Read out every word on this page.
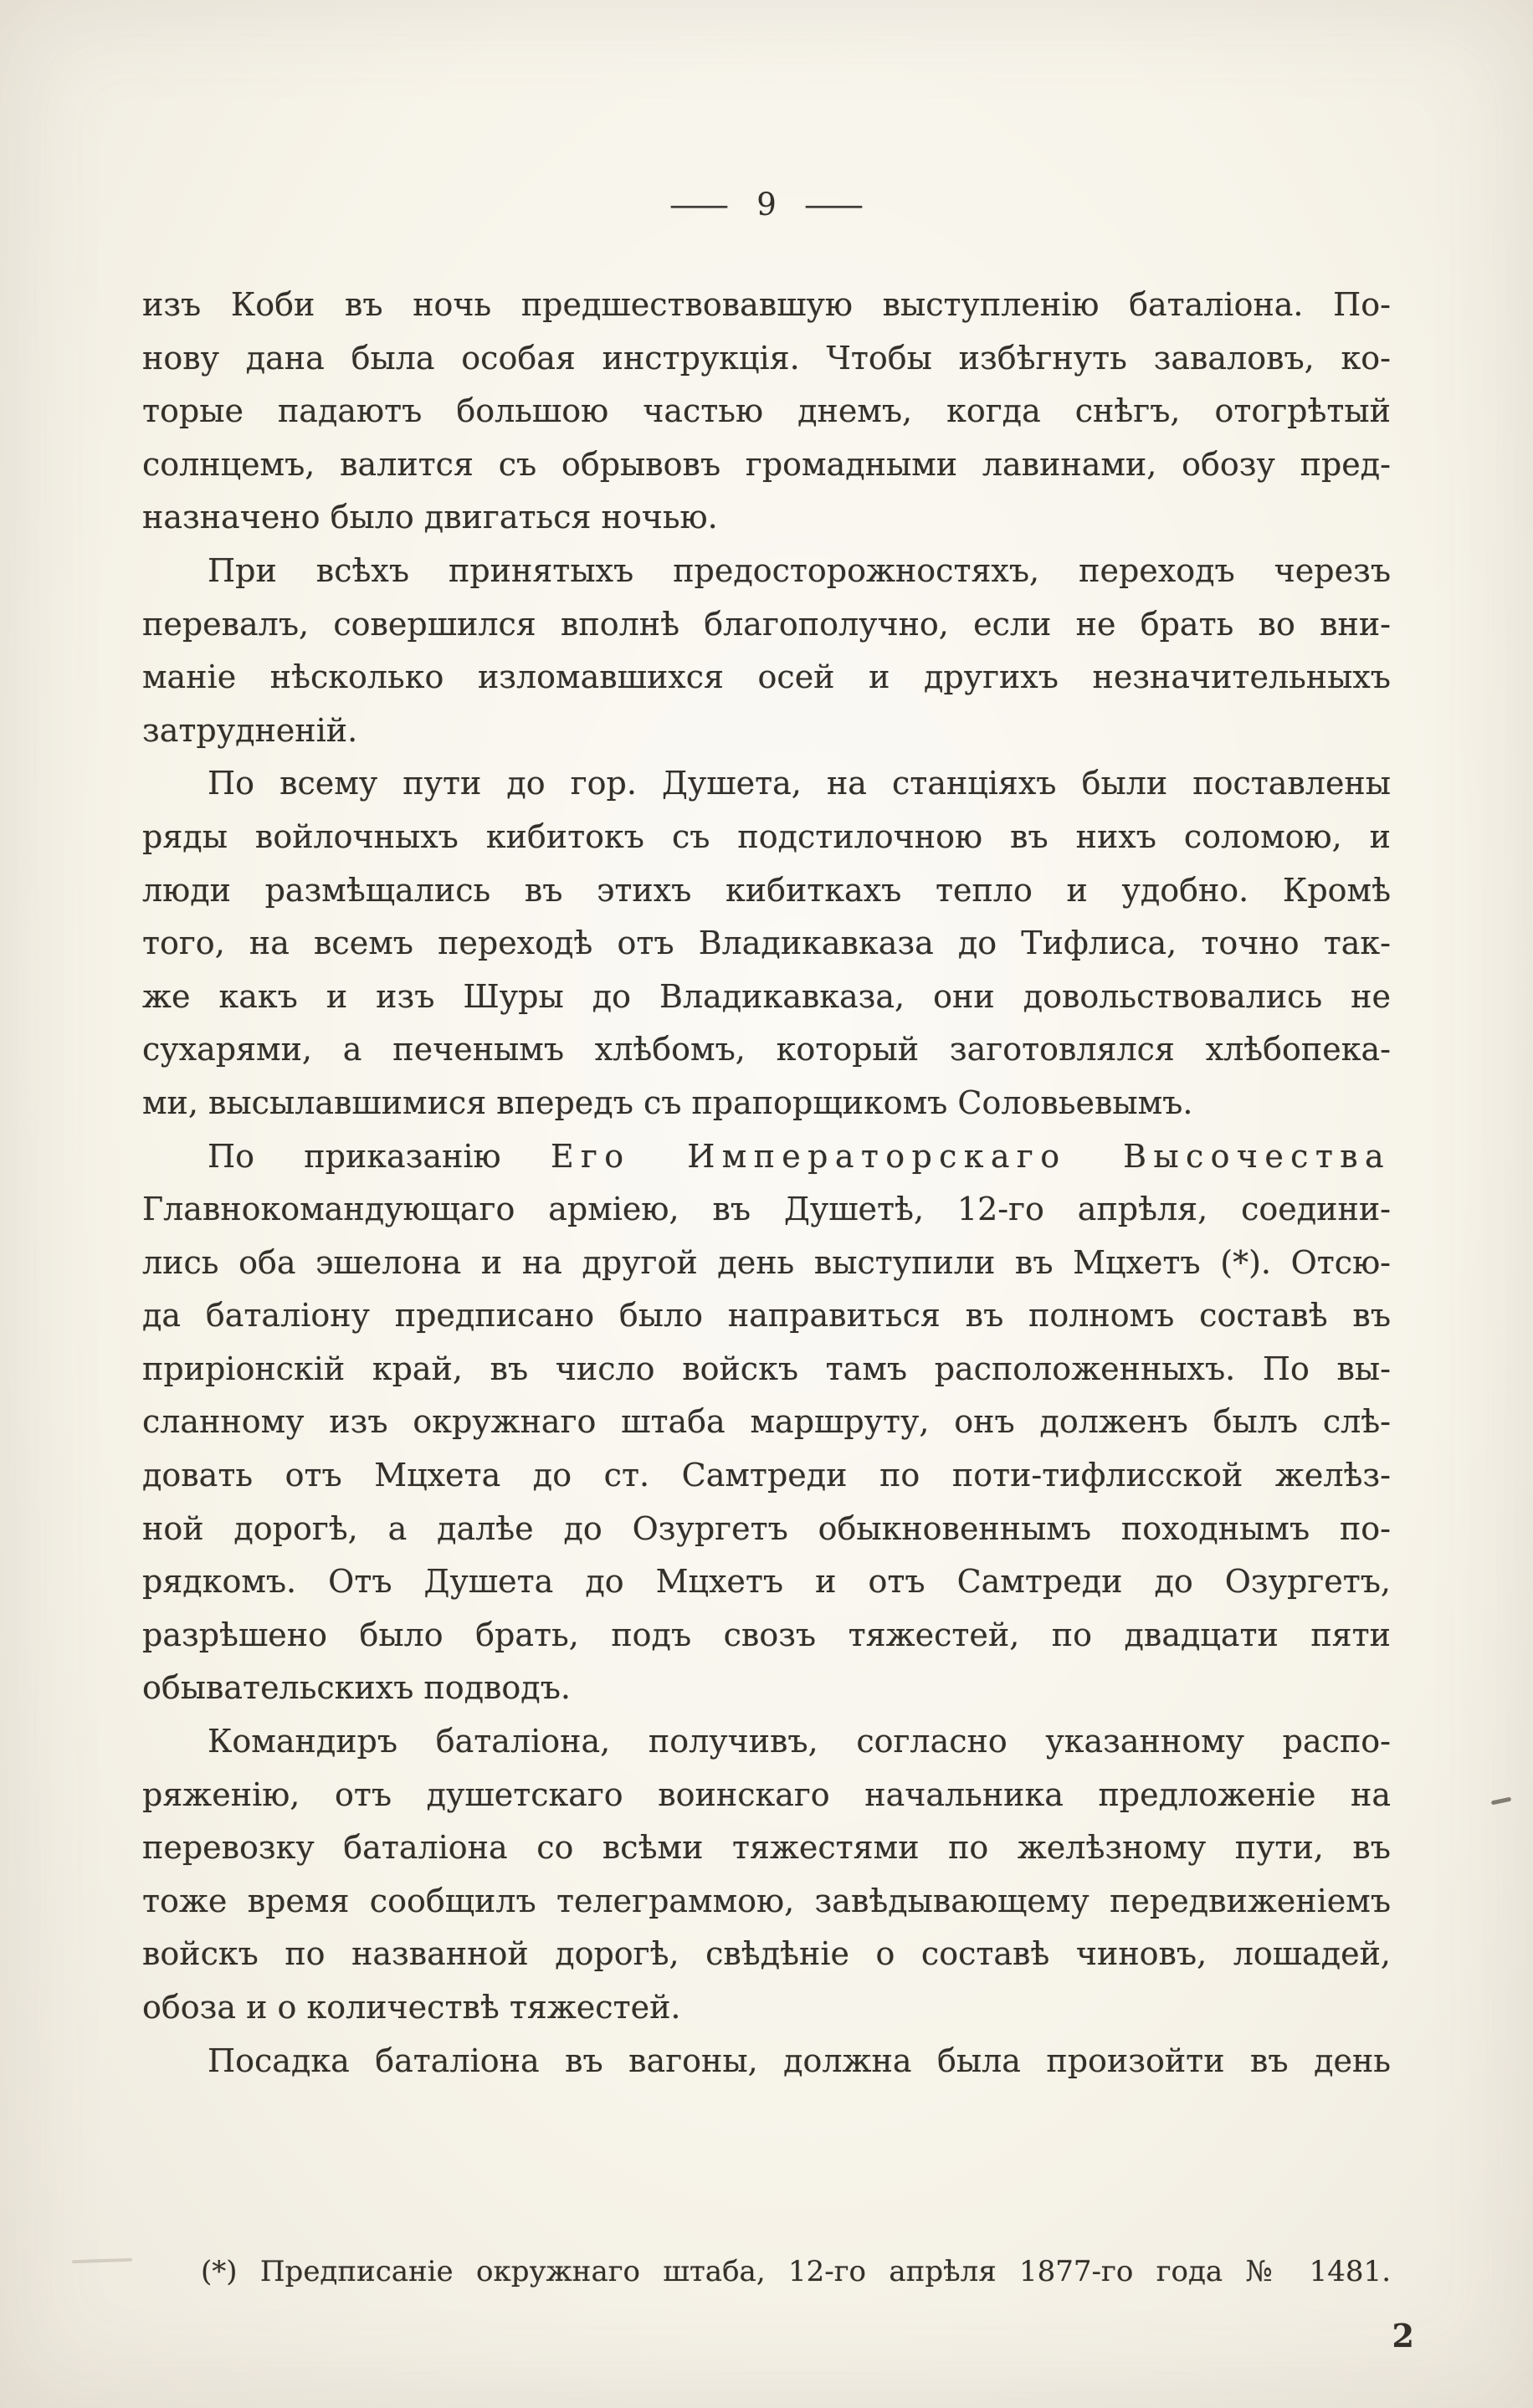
— 9 —
изъ Коби въ ночь предшествовавшую выступленію баталіона. По-
нову дана была особая инструкція. Чтобы избѣгнуть заваловъ, ко-
торые падаютъ большою частью днемъ, когда снѣгъ, отогрѣтый
солнцемъ, валится съ обрывовъ громадными лавинами, обозу пред-
назначено было двигаться ночью.
При всѣхъ принятыхъ предосторожностяхъ, переходъ черезъ
перевалъ, совершился вполнѣ благополучно, если не брать во вни-
маніе нѣсколько изломавшихся осей и другихъ незначительныхъ
затрудненій.
По всему пути до гор. Душета, на станціяхъ были поставлены
ряды войлочныхъ кибитокъ съ подстилочною въ нихъ соломою, и
люди размѣщались въ этихъ кибиткахъ тепло и удобно. Кромѣ
того, на всемъ переходѣ отъ Владикавказа до Тифлиса, точно так-
же какъ и изъ Шуры до Владикавказа, они довольствовались не
сухарями, а печенымъ хлѣбомъ, который заготовлялся хлѣбопека-
ми, высылавшимися впередъ съ прапорщикомъ Соловьевымъ.
По приказанію Его Императорскаго Высочества
Главнокомандующаго арміею, въ Душетѣ, 12-го апрѣля, соедини-
лись оба эшелона и на другой день выступили въ Мцхетъ (*). Отсю-
да баталіону предписано было направиться въ полномъ составѣ въ
приріонскій край, въ число войскъ тамъ расположенныхъ. По вы-
сланному изъ окружнаго штаба маршруту, онъ долженъ былъ слѣ-
довать отъ Мцхета до ст. Самтреди по поти-тифлисской желѣз-
ной дорогѣ, а далѣе до Озургетъ обыкновеннымъ походнымъ по-
рядкомъ. Отъ Душета до Мцхетъ и отъ Самтреди до Озургетъ,
разрѣшено было брать, подъ свозъ тяжестей, по двадцати пяти
обывательскихъ подводъ.
Командиръ баталіона, получивъ, согласно указанному распо-
ряженію, отъ душетскаго воинскаго начальника предложеніе на
перевозку баталіона со всѣми тяжестями по желѣзному пути, въ
тоже время сообщилъ телеграммою, завѣдывающему передвиженіемъ
войскъ по названной дорогѣ, свѣдѣніе о составѣ чиновъ, лошадей,
обоза и о количествѣ тяжестей.
Посадка баталіона въ вагоны, должна была произойти въ день
(*) Предписаніе окружнаго штаба, 12-го апрѣля 1877-го года № 1481.
2
